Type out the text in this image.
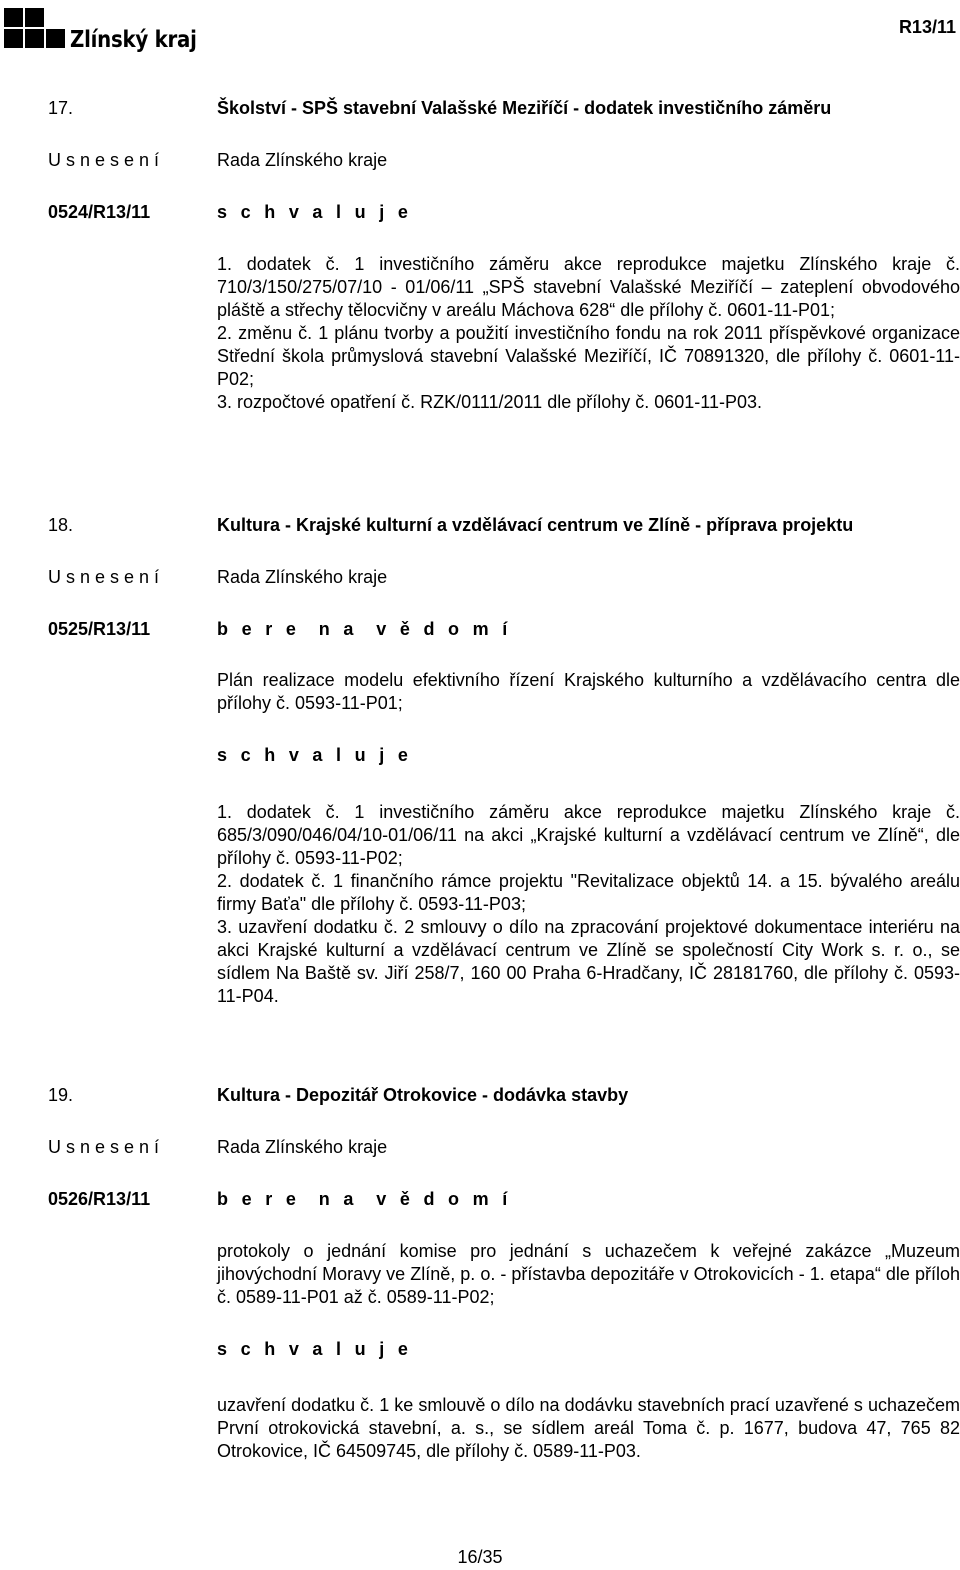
Zlínský kraj	R13/11
17.	Školství - SPŠ stavební Valašské Meziříčí - dodatek investičního záměru
U s n e s e n í	Rada Zlínského kraje
0524/R13/11	s c h v a l u j e

1. dodatek č. 1 investičního záměru akce reprodukce majetku Zlínského kraje č. 710/3/150/275/07/10 - 01/06/11 „SPŠ stavební Valašské Meziříčí – zateplení obvodového pláště a střechy tělocvičny v areálu Máchova 628“ dle přílohy č. 0601-11-P01;

2. změnu č. 1 plánu tvorby a použití investičního fondu na rok 2011 příspěvkové organizace Střední škola průmyslová stavební Valašské Meziříčí, IČ 70891320, dle přílohy č. 0601-11-P02;

3. rozpočtové opatření č. RZK/0111/2011 dle přílohy č. 0601-11-P03.

18.	Kultura - Krajské kulturní a vzdělávací centrum ve Zlíně - příprava projektu
U s n e s e n í	Rada Zlínského kraje
0525/R13/11	b e r e  n a  v ě d o m í

Plán realizace modelu efektivního řízení Krajského kulturního a vzdělávacího centra dle přílohy č. 0593-11-P01;

s c h v a l u j e

1. dodatek č. 1 investičního záměru akce reprodukce majetku Zlínského kraje č. 685/3/090/046/04/10-01/06/11 na akci „Krajské kulturní a vzdělávací centrum ve Zlíně“, dle přílohy č. 0593-11-P02;

2. dodatek č. 1 finančního rámce projektu "Revitalizace objektů 14. a 15. bývalého areálu firmy Baťa" dle přílohy č. 0593-11-P03;

3. uzavření dodatku č. 2 smlouvy o dílo na zpracování projektové dokumentace interiéru na akci Krajské kulturní a vzdělávací centrum ve Zlíně se společností City Work s. r. o., se sídlem Na Baště sv. Jiří 258/7, 160 00 Praha 6-Hradčany, IČ 28181760, dle přílohy č. 0593-11-P04.

19.	Kultura - Depozitář Otrokovice - dodávka stavby
U s n e s e n í	Rada Zlínského kraje
0526/R13/11	b e r e  n a  v ě d o m í

protokoly o jednání komise pro jednání s uchazečem k veřejné zakázce „Muzeum jihovýchodní Moravy ve Zlíně, p. o. - přístavba depozitáře v Otrokovicích - 1. etapa“ dle příloh č. 0589-11-P01 až č. 0589-11-P02;

s c h v a l u j e

uzavření dodatku č. 1 ke smlouvě o dílo na dodávku stavebních prací uzavřené s uchazečem První otrokovická stavební, a. s., se sídlem areál Toma č. p. 1677, budova 47, 765 82 Otrokovice, IČ 64509745, dle přílohy č. 0589-11-P03.

16/35
